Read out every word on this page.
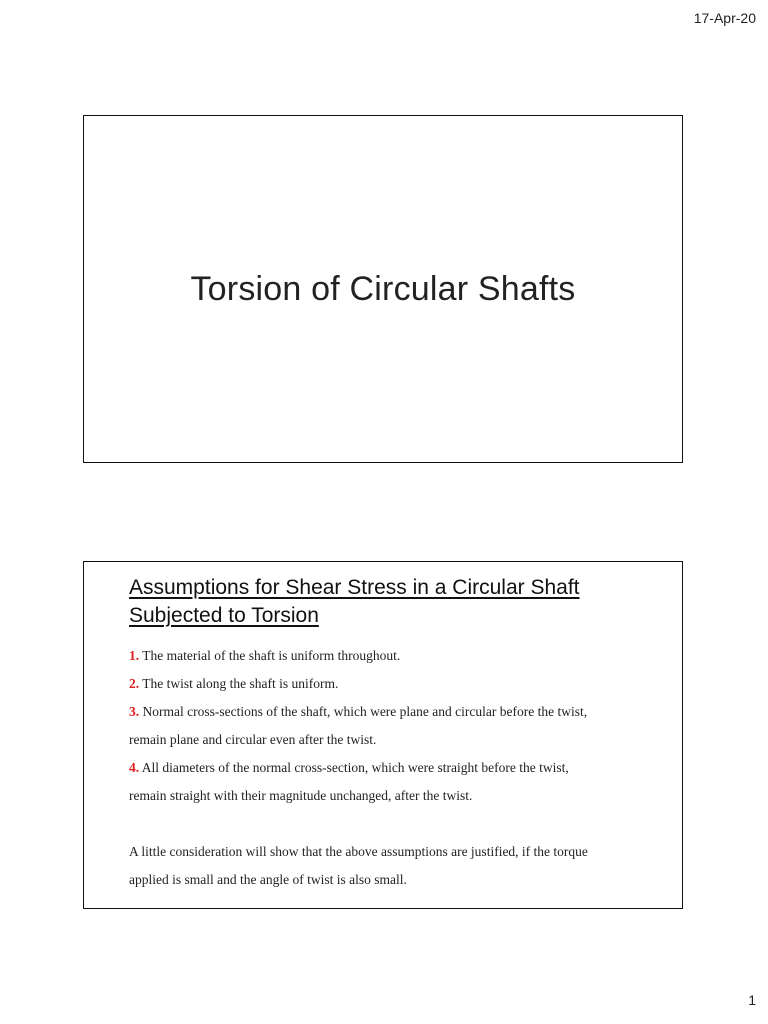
17-Apr-20
Torsion of Circular Shafts
Assumptions for Shear Stress in a Circular Shaft
Subjected to Torsion
1. The material of the shaft is uniform throughout.
2. The twist along the shaft is uniform.
3. Normal cross-sections of the shaft, which were plane and circular before the twist,
remain plane and circular even after the twist.
4. All diameters of the normal cross-section, which were straight before the twist,
remain straight with their magnitude unchanged, after the twist.

A little consideration will show that the above assumptions are justified, if the torque
applied is small and the angle of twist is also small.

1
